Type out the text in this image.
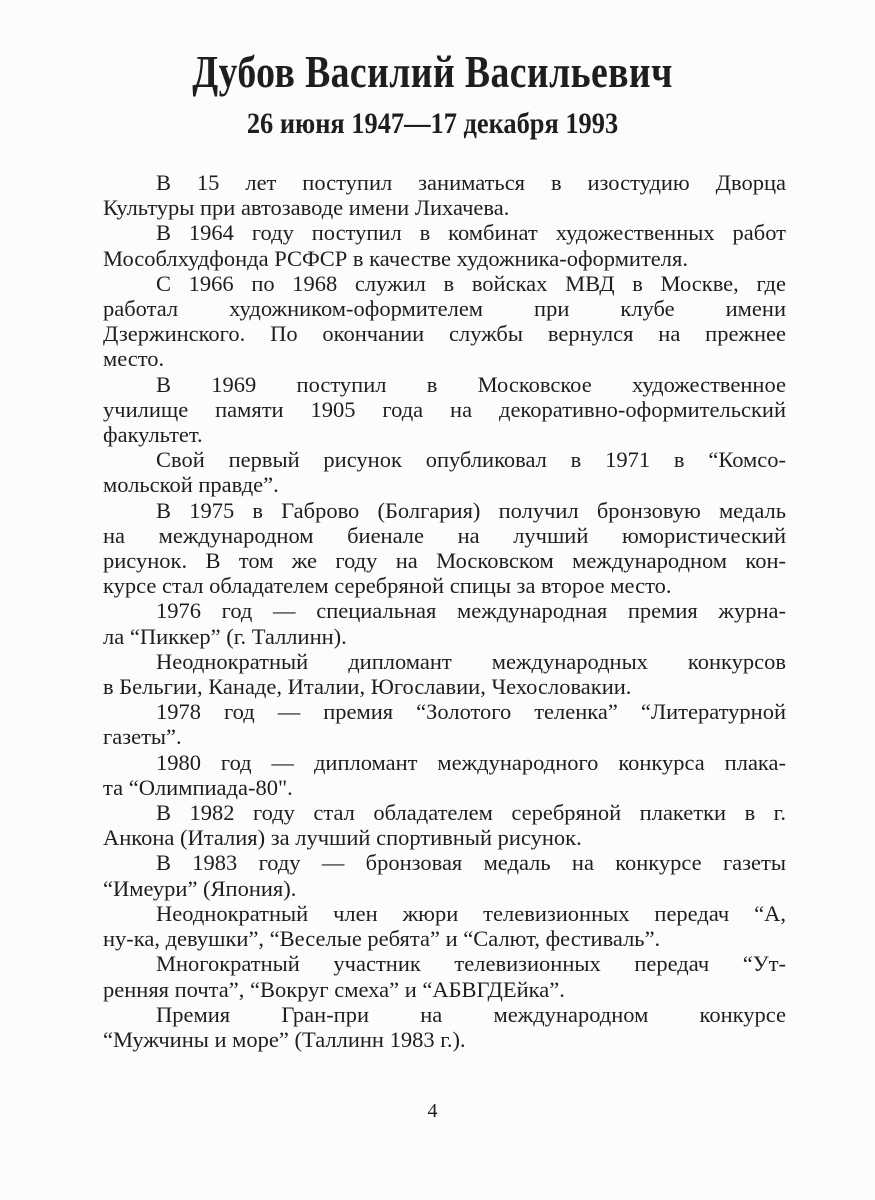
Дубов Василий Васильевич
26 июня 1947—17 декабря 1993
В 15 лет поступил заниматься в изостудию Дворца
Культуры при автозаводе имени Лихачева.
В 1964 году поступил в комбинат художественных работ
Мособлхудфонда РСФСР в качестве художника-оформителя.
С 1966 по 1968 служил в войсках МВД в Москве, где
работал художником-оформителем при клубе имени
Дзержинского. По окончании службы вернулся на прежнее
место.
В 1969 поступил в Московское художественное
училище памяти 1905 года на декоративно-оформительский
факультет.
Свой первый рисунок опубликовал в 1971 в “Комсо-
мольской правде”.
В 1975 в Габрово (Болгария) получил бронзовую медаль
на международном биенале на лучший юмористический
рисунок. В том же году на Московском международном кон-
курсе стал обладателем серебряной спицы за второе место.
1976 год — специальная международная премия журна-
ла “Пиккер” (г. Таллинн).
Неоднократный дипломант международных конкурсов
в Бельгии, Канаде, Италии, Югославии, Чехословакии.
1978 год — премия “Золотого теленка” “Литературной
газеты”.
1980 год — дипломант международного конкурса плака-
та “Олимпиада-80".
В 1982 году стал обладателем серебряной плакетки в г.
Анкона (Италия) за лучший спортивный рисунок.
В 1983 году — бронзовая медаль на конкурсе газеты
“Имеури” (Япония).
Неоднократный член жюри телевизионных передач “А,
ну-ка, девушки”, “Веселые ребята” и “Салют, фестиваль”.
Многократный участник телевизионных передач “Ут-
ренняя почта”, “Вокруг смеха” и “АБВГДЕйка”.
Премия Гран-при на международном конкурсе
“Мужчины и море” (Таллинн 1983 г.).
4
